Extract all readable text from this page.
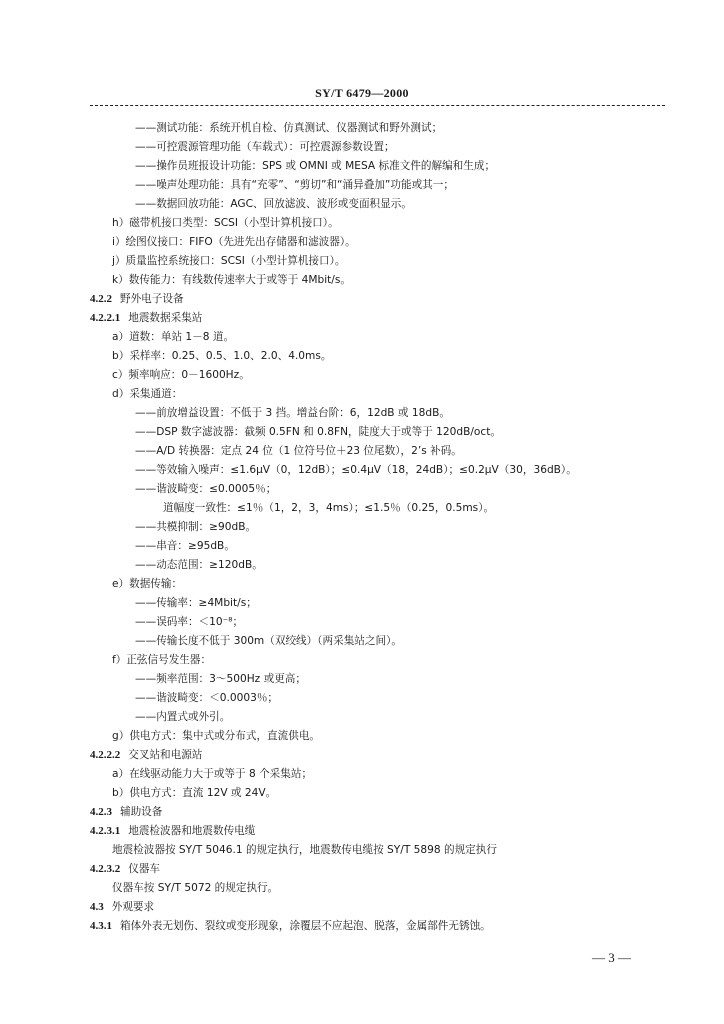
SY/T 6479—2000
——测试功能：系统开机自检、仿真测试、仪器测试和野外测试；
——可控震源管理功能（车载式）：可控震源参数设置；
——操作员班报设计功能：SPS 或 OMNI 或 MESA 标准文件的解编和生成；
——噪声处理功能：具有“充零”、“剪切”和“涌异叠加”功能或其一；
——数据回放功能：AGC、回放滤波、波形或变面积显示。
h）磁带机接口类型：SCSI（小型计算机接口）。
i）绘图仪接口：FIFO（先进先出存储器和滤波器）。
j）质量监控系统接口：SCSI（小型计算机接口）。
k）数传能力：有线数传速率大于或等于 4Mbit/s。
4.2.2 野外电子设备
4.2.2.1 地震数据采集站
a）道数：单站 1－8 道。
b）采样率：0.25、0.5、1.0、2.0、4.0ms。
c）频率响应：0－1600Hz。
d）采集通道：
——前放增益设置：不低于 3 挡。增益台阶：6，12dB 或 18dB。
——DSP 数字滤波器：截频 0.5FN 和 0.8FN，陡度大于或等于 120dB/oct。
——A/D 转换器：定点 24 位（1 位符号位＋23 位尾数），2’s 补码。
——等效输入噪声：≤1.6μV（0，12dB）；≤0.4μV（18，24dB）；≤0.2μV（30，36dB）。
——谐波畸变：≤0.0005％；
道幅度一致性：≤1％（1，2，3，4ms）；≤1.5％（0.25，0.5ms）。
——共模抑制：≥90dB。
——串音：≥95dB。
——动态范围：≥120dB。
e）数据传输：
——传输率：≥4Mbit/s；
——误码率：＜10⁻⁸；
——传输长度不低于 300m（双绞线）（两采集站之间）。
f）正弦信号发生器：
——频率范围：3～500Hz 或更高；
——谐波畸变：＜0.0003％；
——内置式或外引。
g）供电方式：集中式或分布式，直流供电。
4.2.2.2 交叉站和电源站
a）在线驱动能力大于或等于 8 个采集站；
b）供电方式：直流 12V 或 24V。
4.2.3 辅助设备
4.2.3.1 地震检波器和地震数传电缆
地震检波器按 SY/T 5046.1 的规定执行，地震数传电缆按 SY/T 5898 的规定执行
4.2.3.2 仪器车
仪器车按 SY/T 5072 的规定执行。
4.3 外观要求
4.3.1 箱体外表无划伤、裂纹或变形现象，涂覆层不应起泡、脱落，金属部件无锈蚀。
— 3 —
